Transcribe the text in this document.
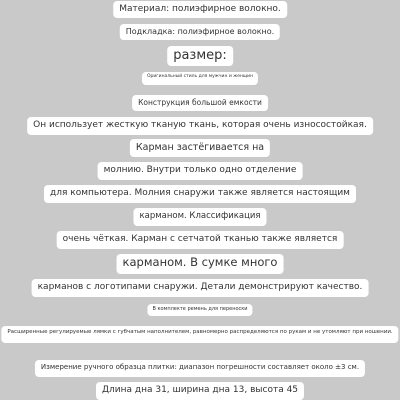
Материал: полиэфирное волокно.
Подкладка: полиэфирное волокно.
размер:
Оригинальный стиль для мужчин и женщин
Конструкция большой емкости
Он использует жесткую тканую ткань, которая очень износостойкая.
Карман застёгивается на
молнию. Внутри только одно отделение
для компьютера. Молния снаружи также является настоящим
карманом. Классификация
очень чёткая. Карман с сетчатой тканью также является
карманом. В сумке много
карманов с логотипами снаружи. Детали демонстрируют качество.
В комплекте ремень для переноски
Расширенные регулируемые лямки с губчатым наполнителем, равномерно распределяются по рукам и не утомляют при ношении.
Измерение ручного образца плитки: диапазон погрешности составляет около ±3 см.
Длина дна 31, ширина дна 13, высота 45
